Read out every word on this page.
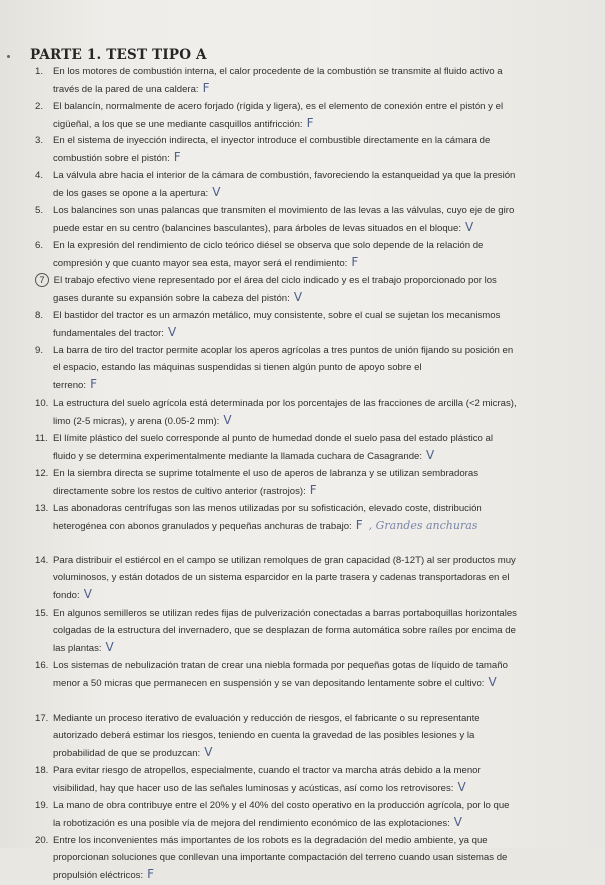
PARTE 1. TEST TIPO A
1. En los motores de combustión interna, el calor procedente de la combustión se transmite al fluido activo a
través de la pared de una caldera: F
2. El balancín, normalmente de acero forjado (rígida y ligera), es el elemento de conexión entre el pistón y el
cigüeñal, a los que se une mediante casquillos antifricción: F
3. En el sistema de inyección indirecta, el inyector introduce el combustible directamente en la cámara de
combustión sobre el pistón: F
4. La válvula abre hacia el interior de la cámara de combustión, favoreciendo la estanqueidad ya que la presión
de los gases se opone a la apertura: V
5. Los balancines son unas palancas que transmiten el movimiento de las levas a las válvulas, cuyo eje de giro
puede estar en su centro (balancines basculantes), para árboles de levas situados en el bloque: V
6. En la expresión del rendimiento de ciclo teórico diésel se observa que solo depende de la relación de
compresión y que cuanto mayor sea esta, mayor será el rendimiento: F
7 El trabajo efectivo viene representado por el área del ciclo indicado y es el trabajo proporcionado por los
gases durante su expansión sobre la cabeza del pistón: V
8. El bastidor del tractor es un armazón metálico, muy consistente, sobre el cual se sujetan los mecanismos
fundamentales del tractor: V
9. La barra de tiro del tractor permite acoplar los aperos agrícolas a tres puntos de unión fijando su posición en
el espacio, estando las máquinas suspendidas si tienen algún punto de apoyo sobre el
terreno: F
10. La estructura del suelo agrícola está determinada por los porcentajes de las fracciones de arcilla (<2 micras),
limo (2-5 micras), y arena (0.05-2 mm): V
11. El límite plástico del suelo corresponde al punto de humedad donde el suelo pasa del estado plástico al
fluido y se determina experimentalmente mediante la llamada cuchara de Casagrande: V
12. En la siembra directa se suprime totalmente el uso de aperos de labranza y se utilizan sembradoras
directamente sobre los restos de cultivo anterior (rastrojos): F
13. Las abonadoras centrífugas son las menos utilizadas por su sofisticación, elevado coste, distribución
heterogénea con abonos granulados y pequeñas anchuras de trabajo: F , Grandes anchuras
14. Para distribuir el estiércol en el campo se utilizan remolques de gran capacidad (8-12T) al ser productos muy
voluminosos, y están dotados de un sistema esparcidor en la parte trasera y cadenas transportadoras en el
fondo: V
15. En algunos semilleros se utilizan redes fijas de pulverización conectadas a barras portaboquillas horizontales
colgadas de la estructura del invernadero, que se desplazan de forma automática sobre raíles por encima de
las plantas: V
16. Los sistemas de nebulización tratan de crear una niebla formada por pequeñas gotas de líquido de tamaño
menor a 50 micras que permanecen en suspensión y se van depositando lentamente sobre el cultivo: V
17. Mediante un proceso iterativo de evaluación y reducción de riesgos, el fabricante o su representante
autorizado deberá estimar los riesgos, teniendo en cuenta la gravedad de las posibles lesiones y la
probabilidad de que se produzcan: V
18. Para evitar riesgo de atropellos, especialmente, cuando el tractor va marcha atrás debido a la menor
visibilidad, hay que hacer uso de las señales luminosas y acústicas, así como los retrovisores: V
19. La mano de obra contribuye entre el 20% y el 40% del costo operativo en la producción agrícola, por lo que
la robotización es una posible vía de mejora del rendimiento económico de las explotaciones: V
20. Entre los inconvenientes más importantes de los robots es la degradación del medio ambiente, ya que
proporcionan soluciones que conllevan una importante compactación del terreno cuando usan sistemas de
propulsión eléctricos: F
